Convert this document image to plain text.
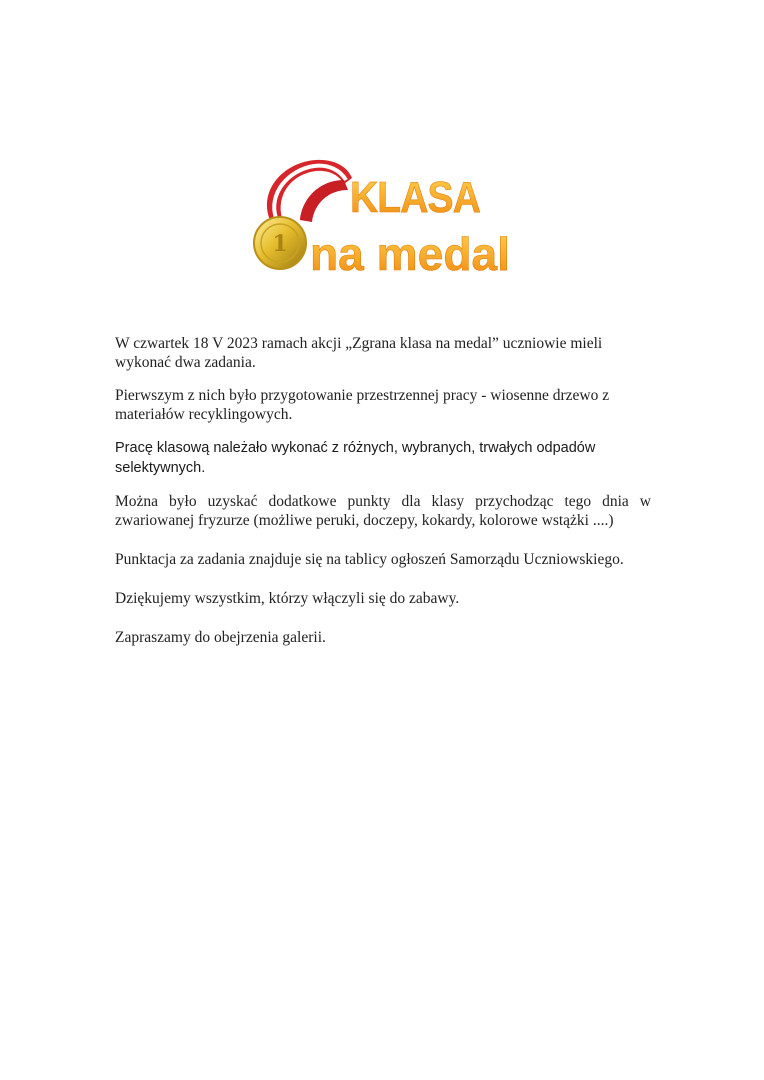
1
KLASA
na medal

W czwartek 18 V 2023 ramach akcji „Zgrana klasa na medal” uczniowie mieli wykonać dwa zadania.

Pierwszym z nich było przygotowanie przestrzennej pracy - wiosenne drzewo z materiałów recyklingowych.

Pracę klasową należało wykonać z różnych, wybranych, trwałych odpadów selektywnych.

Można było uzyskać dodatkowe punkty dla klasy przychodząc tego dnia w zwariowanej fryzurze (możliwe peruki, doczepy, kokardy, kolorowe wstążki ....)

Punktacja za zadania znajduje się na tablicy ogłoszeń Samorządu Uczniowskiego.

Dziękujemy wszystkim, którzy włączyli się do zabawy.

Zapraszamy do obejrzenia galerii.
